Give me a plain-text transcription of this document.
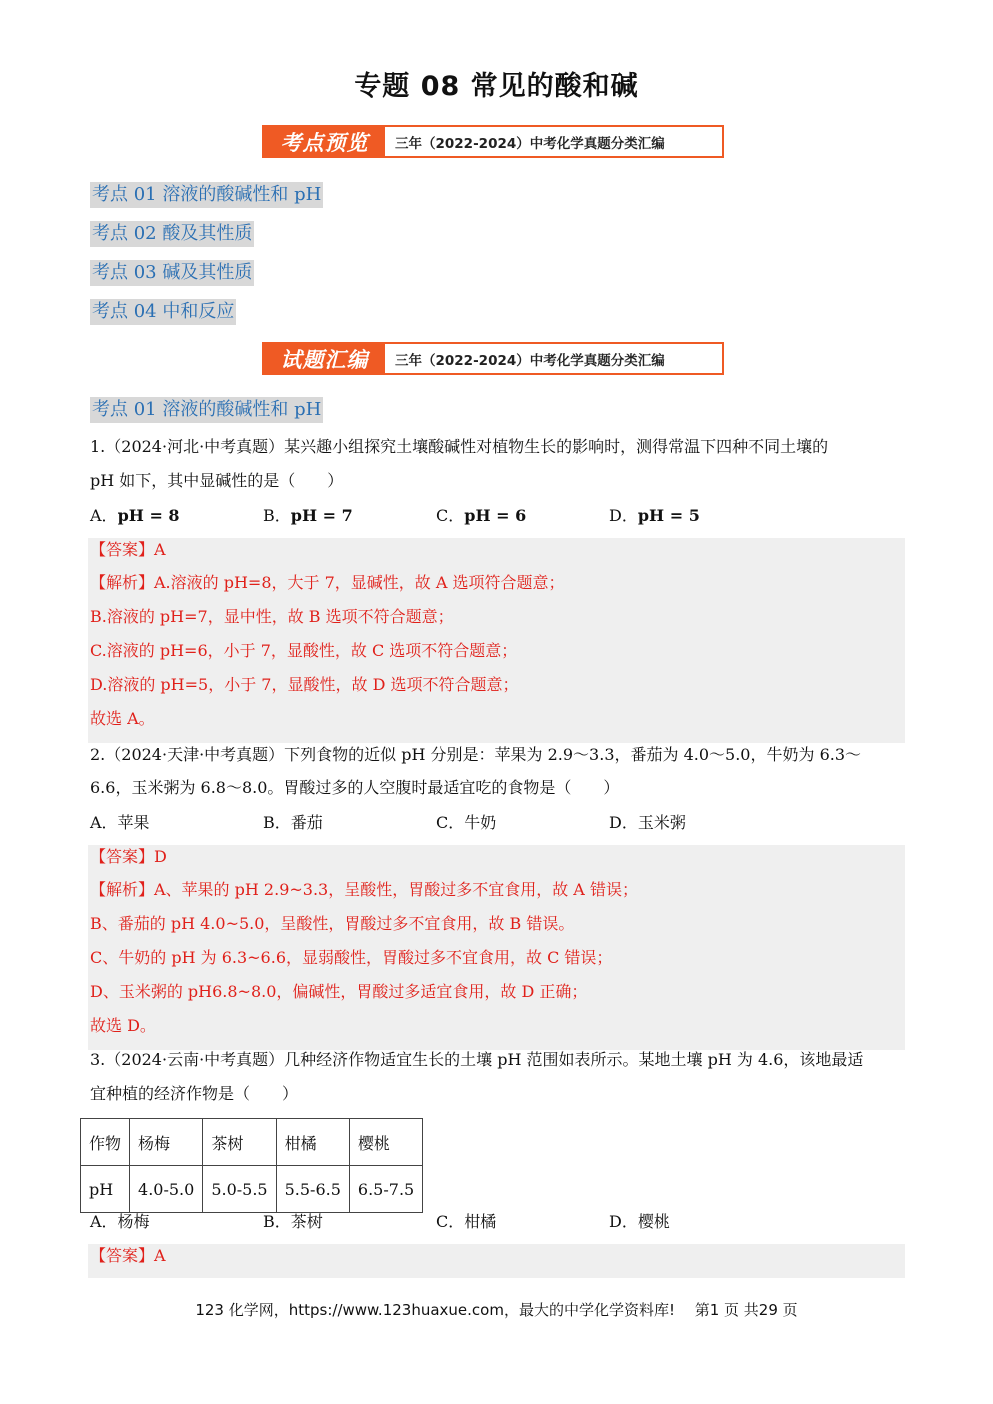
专题 08 常见的酸和碱
考点预览	三年（2022-2024）中考化学真题分类汇编
考点 01 溶液的酸碱性和 pH
考点 02 酸及其性质
考点 03 碱及其性质
考点 04 中和反应
试题汇编	三年（2022-2024）中考化学真题分类汇编
考点 01 溶液的酸碱性和 pH
1.（2024·河北·中考真题）某兴趣小组探究土壤酸碱性对植物生长的影响时，测得常温下四种不同土壤的
pH 如下，其中显碱性的是（　　）
A．pH = 8	B．pH = 7	C．pH = 6	D．pH = 5
【答案】A
【解析】A.溶液的 pH=8，大于 7，显碱性，故 A 选项符合题意；
B.溶液的 pH=7，显中性，故 B 选项不符合题意；
C.溶液的 pH=6，小于 7，显酸性，故 C 选项不符合题意；
D.溶液的 pH=5，小于 7，显酸性，故 D 选项不符合题意；
故选 A。
2.（2024·天津·中考真题）下列食物的近似 pH 分别是：苹果为 2.9～3.3，番茄为 4.0～5.0，牛奶为 6.3～
6.6，玉米粥为 6.8～8.0。胃酸过多的人空腹时最适宜吃的食物是（　　）
A．苹果	B．番茄	C．牛奶	D．玉米粥
【答案】D
【解析】A、苹果的 pH 2.9~3.3，呈酸性，胃酸过多不宜食用，故 A 错误；
B、番茄的 pH 4.0~5.0，呈酸性，胃酸过多不宜食用，故 B 错误。
C、牛奶的 pH 为 6.3~6.6，显弱酸性，胃酸过多不宜食用，故 C 错误；
D、玉米粥的 pH6.8~8.0，偏碱性，胃酸过多适宜食用，故 D 正确；
故选 D。
3.（2024·云南·中考真题）几种经济作物适宜生长的土壤 pH 范围如表所示。某地土壤 pH 为 4.6，该地最适
宜种植的经济作物是（　　）
作物	杨梅	茶树	柑橘	樱桃
pH	4.0-5.0	5.0-5.5	5.5-6.5	6.5-7.5
A．杨梅	B．茶树	C．柑橘	D．樱桃
【答案】A
123 化学网，https://www.123huaxue.com，最大的中学化学资料库!　 第1 页 共29 页
